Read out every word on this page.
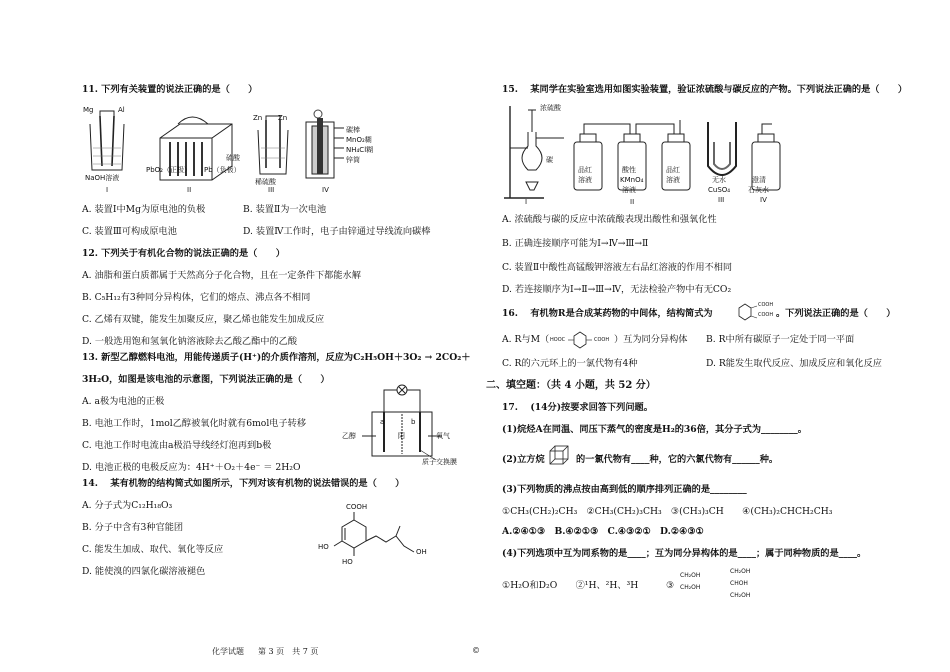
11. 下列有关装置的说法正确的是（　　）
Mg	Al
NaOH溶液
PbO₂（正极） Pb（负极）
硫酸
Zn Zn
稀硫酸
碳棒
MnO₂糊
NH₄Cl糊
锌筒
I	II	III	IV
A. 装置Ⅰ中Mg为原电池的负极	B. 装置Ⅱ为一次电池
C. 装置Ⅲ可构成原电池	D. 装置Ⅳ工作时，电子由锌通过导线流向碳棒
12. 下列关于有机化合物的说法正确的是（　　）
A. 油脂和蛋白质都属于天然高分子化合物，且在一定条件下都能水解
B. C₅H₁₂有3种同分异构体，它们的熔点、沸点各不相同
C. 乙烯有双键，能发生加聚反应，聚乙烯也能发生加成反应
D. 一般选用饱和氢氧化钠溶液除去乙酸乙酯中的乙酸
13. 新型乙醇燃料电池，用能传递质子(H⁺)的介质作溶剂，反应为C₂H₅OH＋3O₂ → 2CO₂＋
3H₂O，如图是该电池的示意图，下列说法正确的是（　　）
A. a极为电池的正极
B. 电池工作时，1mol乙醇被氧化时就有6mol电子转移
C. 电池工作时电流由a极沿导线经灯泡再到b极
D. 电池正极的电极反应为：4H⁺＋O₂＋4e⁻ ＝ 2H₂O
a	b
乙醇	氧气
阳
质子交换膜
14. 　某有机物的结构简式如图所示，下列对该有机物的说法错误的是（　　）
A. 分子式为C₁₂H₁₈O₃
B. 分子中含有3种官能团
C. 能发生加成、取代、氧化等反应
D. 能使溴的四氯化碳溶液褪色
COOH
HO
HO
OH
15. 　某同学在实验室选用如图实验装置，验证浓硫酸与碳反应的产物。下列说法正确的是（　　）
浓硫酸
碳
I
品红
溶液
酸性
KMnO₄
溶液
品红
溶液
II
无水
CuSO₄
III
澄清
石灰水
IV
A. 浓硫酸与碳的反应中浓硫酸表现出酸性和强氧化性
B. 正确连接顺序可能为Ⅰ→Ⅳ→Ⅲ→Ⅱ
C. 装置Ⅱ中酸性高锰酸钾溶液左右品红溶液的作用不相同
D. 若连接顺序为Ⅰ→Ⅱ→Ⅲ→Ⅳ，无法检验产物中有无CO₂
16. 　有机物R是合成某药物的中间体，结构简式为
COOH
COOH 。下列说法正确的是（　　）
A. R与M（ HOOC	COOH ）互为同分异构体 B. R中所有碳原子一定处于同一平面
C. R的六元环上的一氯代物有4种	D. R能发生取代反应、加成反应和氧化反应
二、填空题：（共 4 小题，共 52 分）
17. 　(14分)按要求回答下列问题。
(1)烷烃A在同温、同压下蒸气的密度是H₂的36倍，其分子式为________。
(2)立方烷	的一氯代物有____种，它的六氯代物有______种。
(3)下列物质的沸点按由高到低的顺序排列正确的是________
①CH₃(CH₂)₂CH₃　②CH₃(CH₂)₃CH₃　③(CH₃)₃CH　　④(CH₃)₂CHCH₂CH₃
A.②④①③　B.④②①③　C.④③②①　D.②④③①
(4)下列选项中互为同系物的是____；互为同分异构体的是____；属于同种物质的是____。
①H₂O和D₂O　　②¹H、²H、³H	③
CH₂OH
CH₂OH
CH₂OH
CHOH
CH₂OH
化学试题 第 3 页　共 7 页	©
